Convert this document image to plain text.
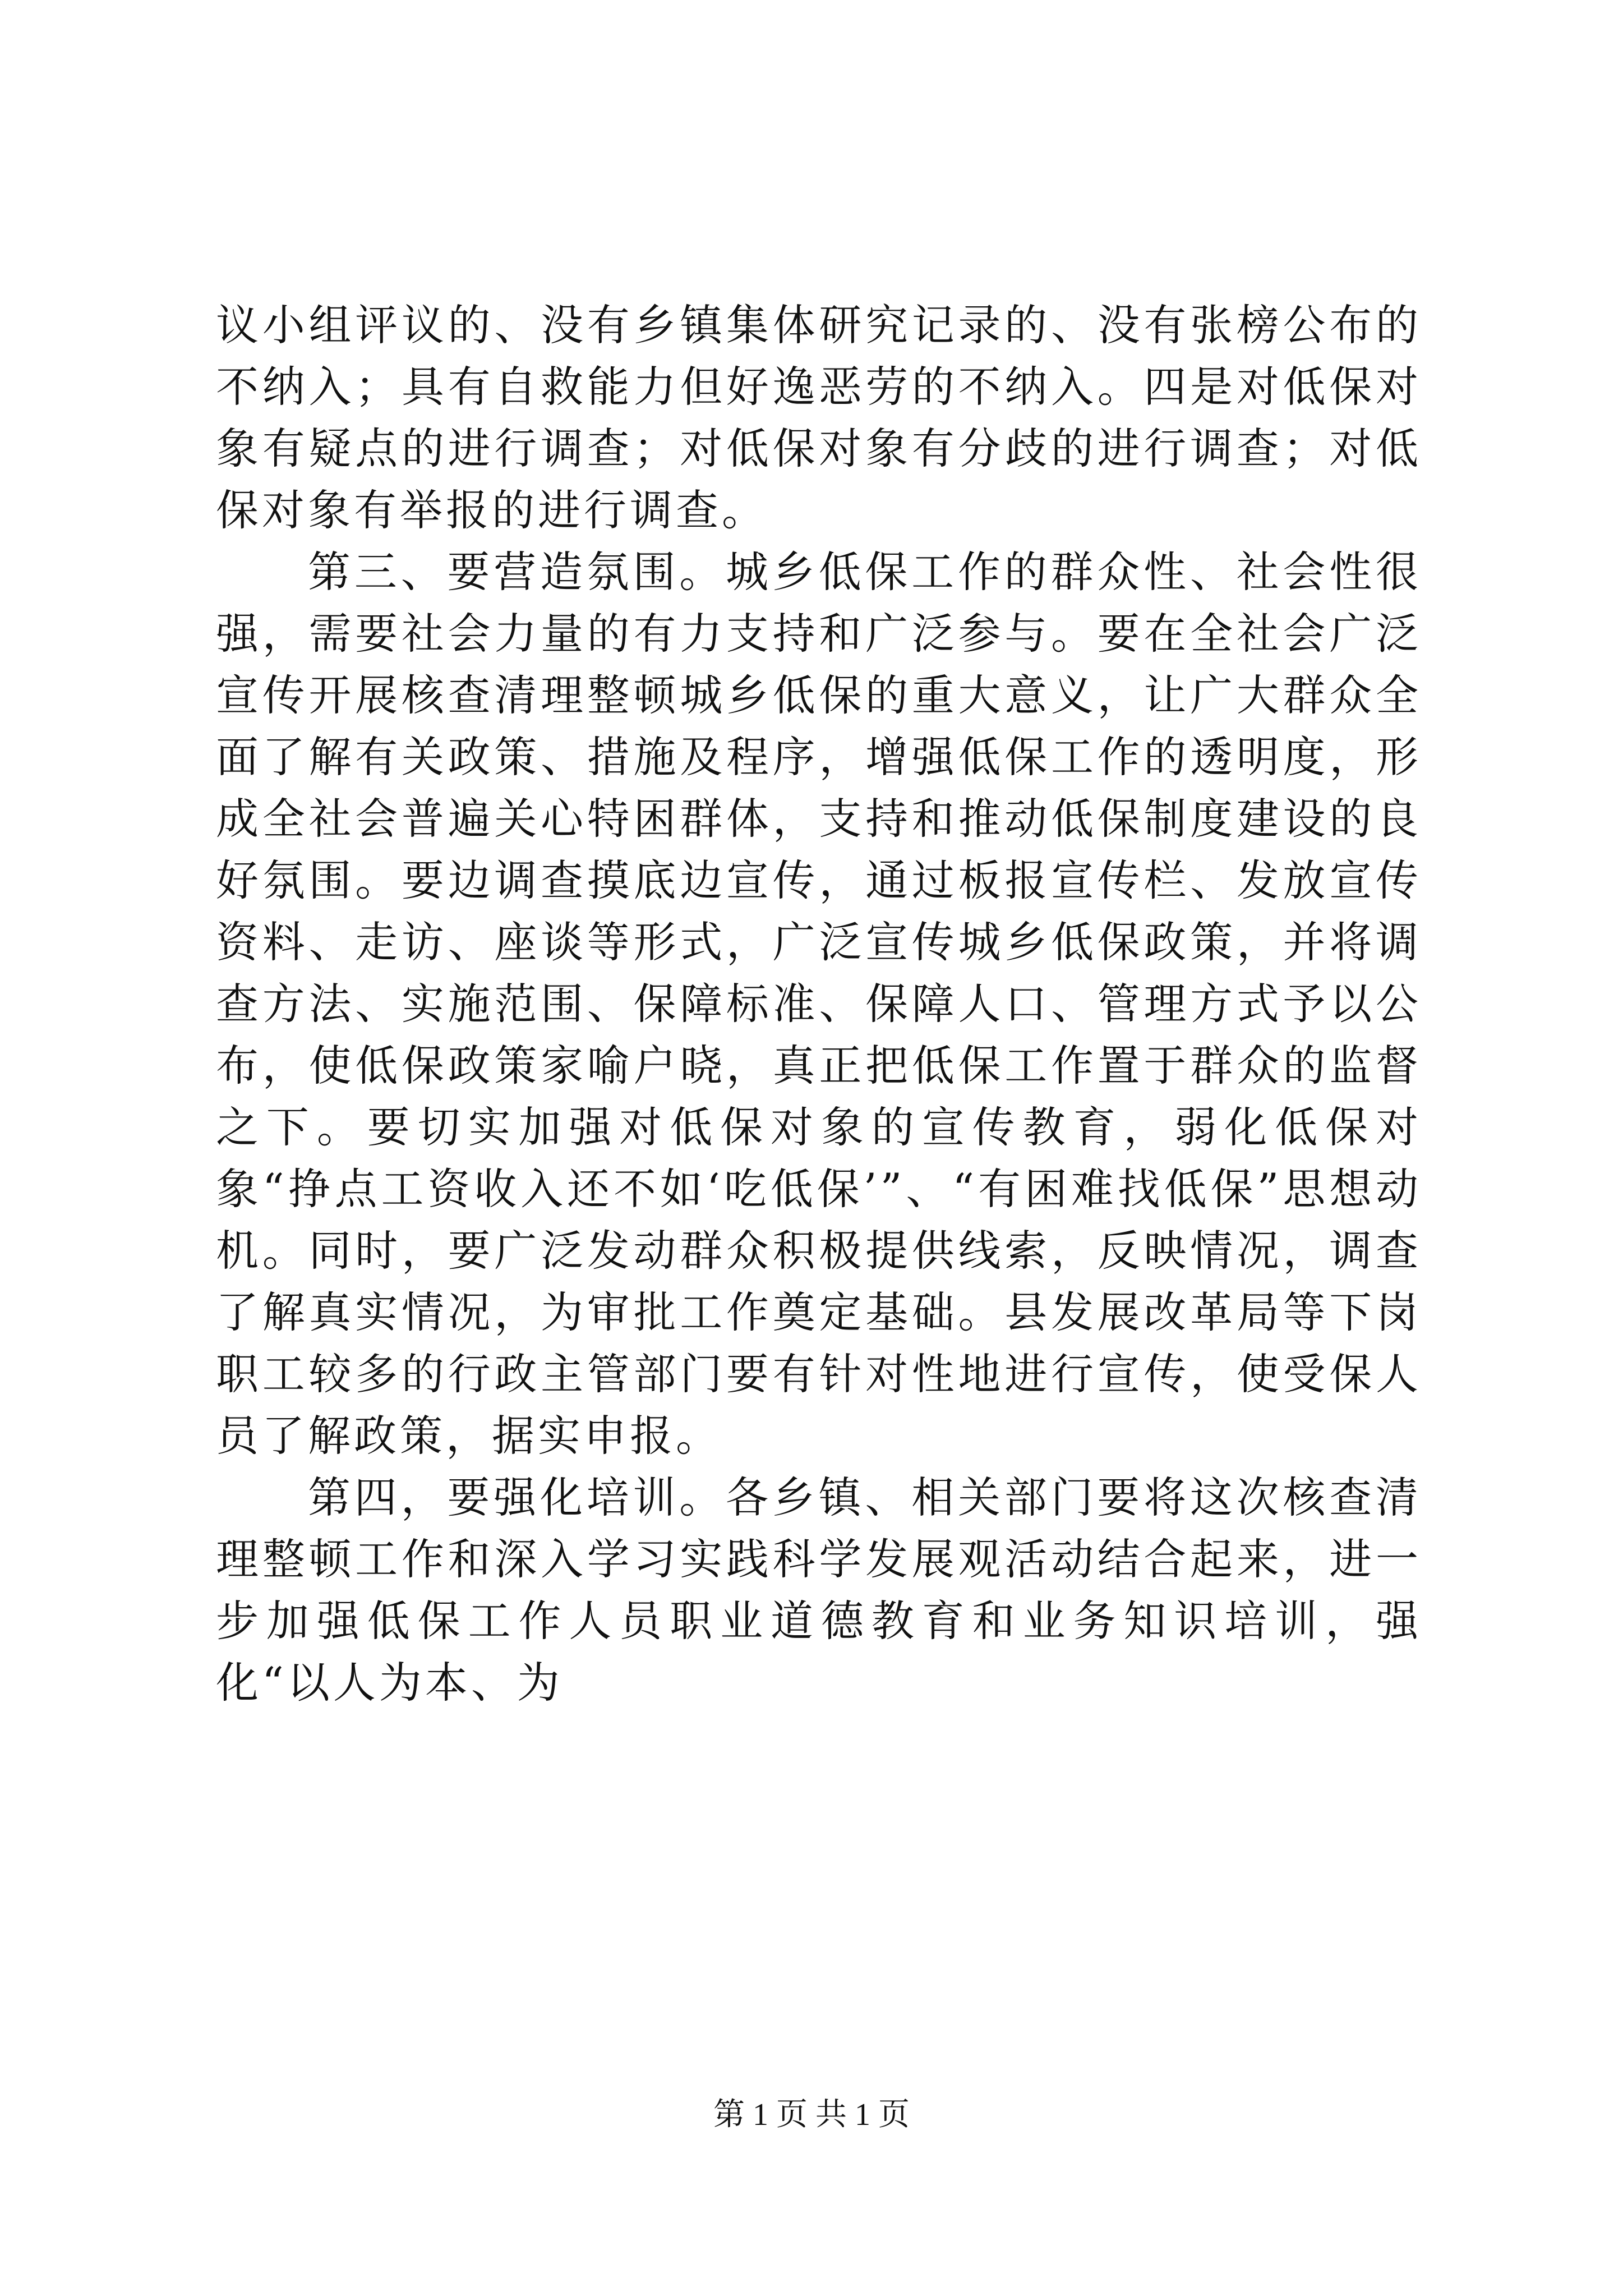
议小组评议的、没有乡镇集体研究记录的、没有张榜公布的不纳入；具有自救能力但好逸恶劳的不纳入。四是对低保对象有疑点的进行调查；对低保对象有分歧的进行调查；对低保对象有举报的进行调查。

第三、要营造氛围。城乡低保工作的群众性、社会性很强，需要社会力量的有力支持和广泛参与。要在全社会广泛宣传开展核查清理整顿城乡低保的重大意义，让广大群众全面了解有关政策、措施及程序，增强低保工作的透明度，形成全社会普遍关心特困群体，支持和推动低保制度建设的良好氛围。要边调查摸底边宣传，通过板报宣传栏、发放宣传资料、走访、座谈等形式，广泛宣传城乡低保政策，并将调查方法、实施范围、保障标准、保障人口、管理方式予以公布，使低保政策家喻户晓，真正把低保工作置于群众的监督之下。要切实加强对低保对象的宣传教育，弱化低保对象“挣点工资收入还不如‘吃低保’”、“有困难找低保”思想动机。同时，要广泛发动群众积极提供线索，反映情况，调查了解真实情况，为审批工作奠定基础。县发展改革局等下岗职工较多的行政主管部门要有针对性地进行宣传，使受保人员了解政策，据实申报。

第四，要强化培训。各乡镇、相关部门要将这次核查清理整顿工作和深入学习实践科学发展观活动结合起来，进一步加强低保工作人员职业道德教育和业务知识培训，强化“以人为本、为

第 1 页 共 1 页
